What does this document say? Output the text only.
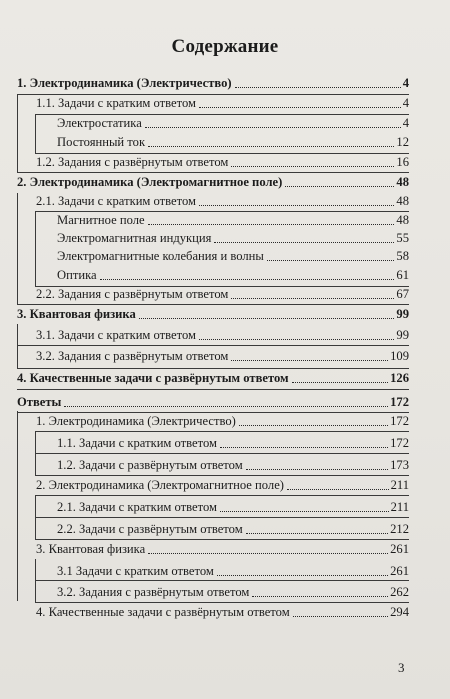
Содержание
1. Электродинамика (Электричество)	4
1.1. Задачи с кратким ответом	4
Электростатика	4
Постоянный ток	12
1.2. Задания с развёрнутым ответом	16
2. Электродинамика (Электромагнитное поле)	48
2.1. Задачи с кратким ответом	48
Магнитное поле	48
Электромагнитная индукция	55
Электромагнитные колебания и волны	58
Оптика	61
2.2. Задания с развёрнутым ответом	67
3. Квантовая физика	99
3.1. Задачи с кратким ответом	99
3.2. Задания с развёрнутым ответом	109
4. Качественные задачи с развёрнутым ответом	126
Ответы	172
1. Электродинамика (Электричество)	172
1.1. Задачи с кратким ответом	172
1.2. Задачи с развёрнутым ответом	173
2. Электродинамика (Электромагнитное поле)	211
2.1. Задачи с кратким ответом	211
2.2. Задачи с развёрнутым ответом	212
3. Квантовая физика	261
3.1 Задачи с кратким ответом	261
3.2. Задания с развёрнутым ответом	262
4. Качественные задачи с развёрнутым ответом	294
3
